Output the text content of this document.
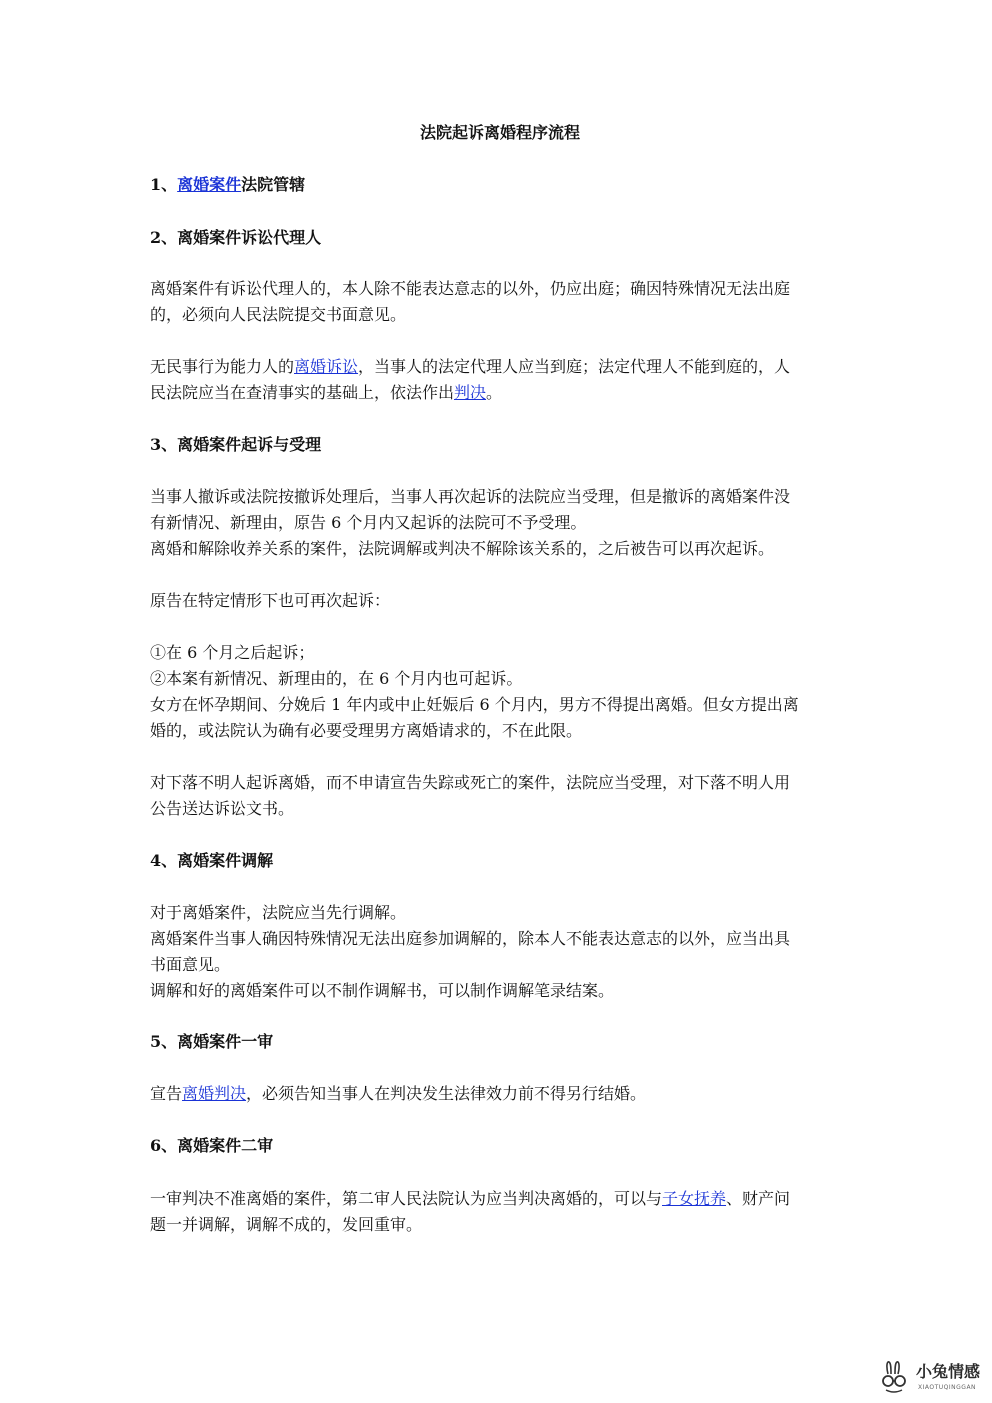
法院起诉离婚程序流程
1、离婚案件法院管辖
2、离婚案件诉讼代理人
离婚案件有诉讼代理人的，本人除不能表达意志的以外，仍应出庭；确因特殊情况无法出庭
的，必须向人民法院提交书面意见。
无民事行为能力人的离婚诉讼，当事人的法定代理人应当到庭；法定代理人不能到庭的，人
民法院应当在查清事实的基础上，依法作出判决。
3、离婚案件起诉与受理
当事人撤诉或法院按撤诉处理后，当事人再次起诉的法院应当受理，但是撤诉的离婚案件没
有新情况、新理由，原告 6 个月内又起诉的法院可不予受理。
离婚和解除收养关系的案件，法院调解或判决不解除该关系的，之后被告可以再次起诉。
原告在特定情形下也可再次起诉：
①在 6 个月之后起诉；
②本案有新情况、新理由的，在 6 个月内也可起诉。
女方在怀孕期间、分娩后 1 年内或中止妊娠后 6 个月内，男方不得提出离婚。但女方提出离
婚的，或法院认为确有必要受理男方离婚请求的，不在此限。
对下落不明人起诉离婚，而不申请宣告失踪或死亡的案件，法院应当受理，对下落不明人用
公告送达诉讼文书。
4、离婚案件调解
对于离婚案件，法院应当先行调解。
离婚案件当事人确因特殊情况无法出庭参加调解的，除本人不能表达意志的以外，应当出具
书面意见。
调解和好的离婚案件可以不制作调解书，可以制作调解笔录结案。
5、离婚案件一审
宣告离婚判决，必须告知当事人在判决发生法律效力前不得另行结婚。
6、离婚案件二审
一审判决不准离婚的案件，第二审人民法院认为应当判决离婚的，可以与子女抚养、财产问
题一并调解，调解不成的，发回重审。
小兔情感
XIAOTUQINGGAN
